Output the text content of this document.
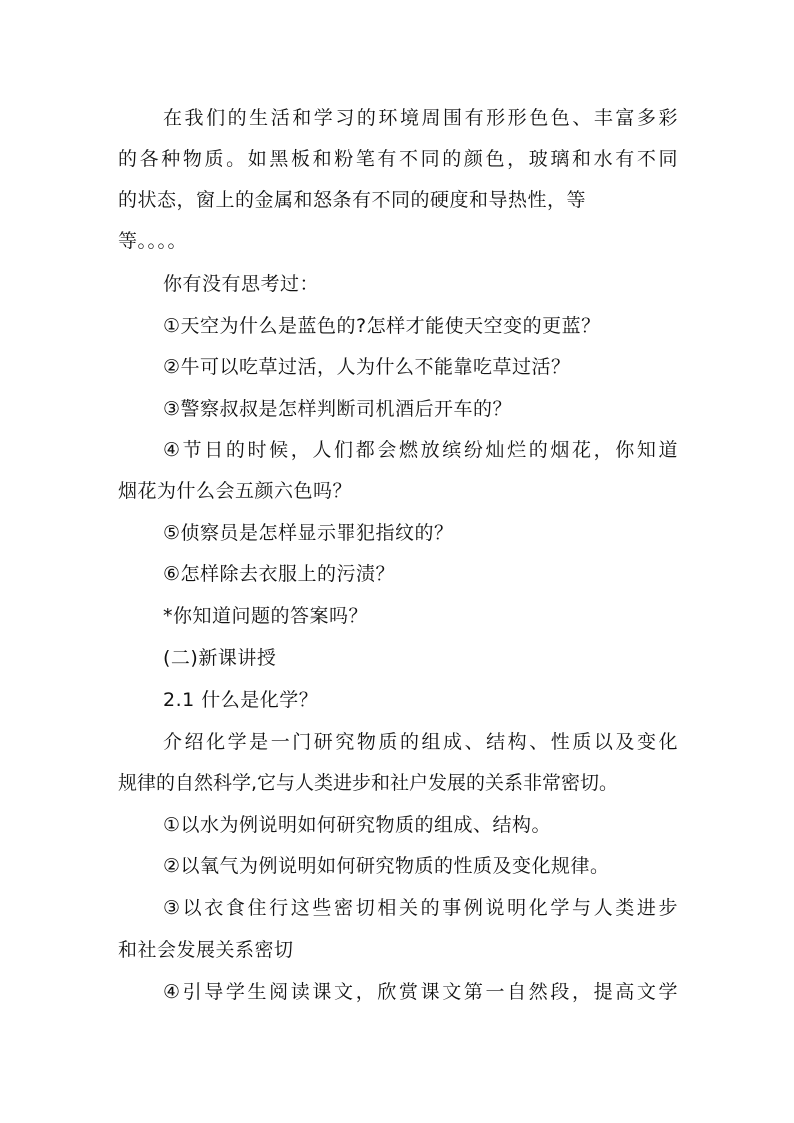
在我们的生活和学习的环境周围有形形色色、丰富多彩
的各种物质。如黑板和粉笔有不同的颜色，玻璃和水有不同
的状态，窗上的金属和怒条有不同的硬度和导热性，等
等。。。。
你有没有思考过：
①天空为什么是蓝色的?怎样才能使天空变的更蓝？
②牛可以吃草过活，人为什么不能靠吃草过活？
③警察叔叔是怎样判断司机酒后开车的？
④节日的时候，人们都会燃放缤纷灿烂的烟花，你知道
烟花为什么会五颜六色吗？
⑤侦察员是怎样显示罪犯指纹的？
⑥怎样除去衣服上的污渍？
*你知道问题的答案吗？
(二)新课讲授
2.1 什么是化学？
介绍化学是一门研究物质的组成、结构、性质以及变化
规律的自然科学,它与人类进步和社户发展的关系非常密切。
①以水为例说明如何研究物质的组成、结构。
②以氧气为例说明如何研究物质的性质及变化规律。
③以衣食住行这些密切相关的事例说明化学与人类进步
和社会发展关系密切
④引导学生阅读课文，欣赏课文第一自然段，提高文学
